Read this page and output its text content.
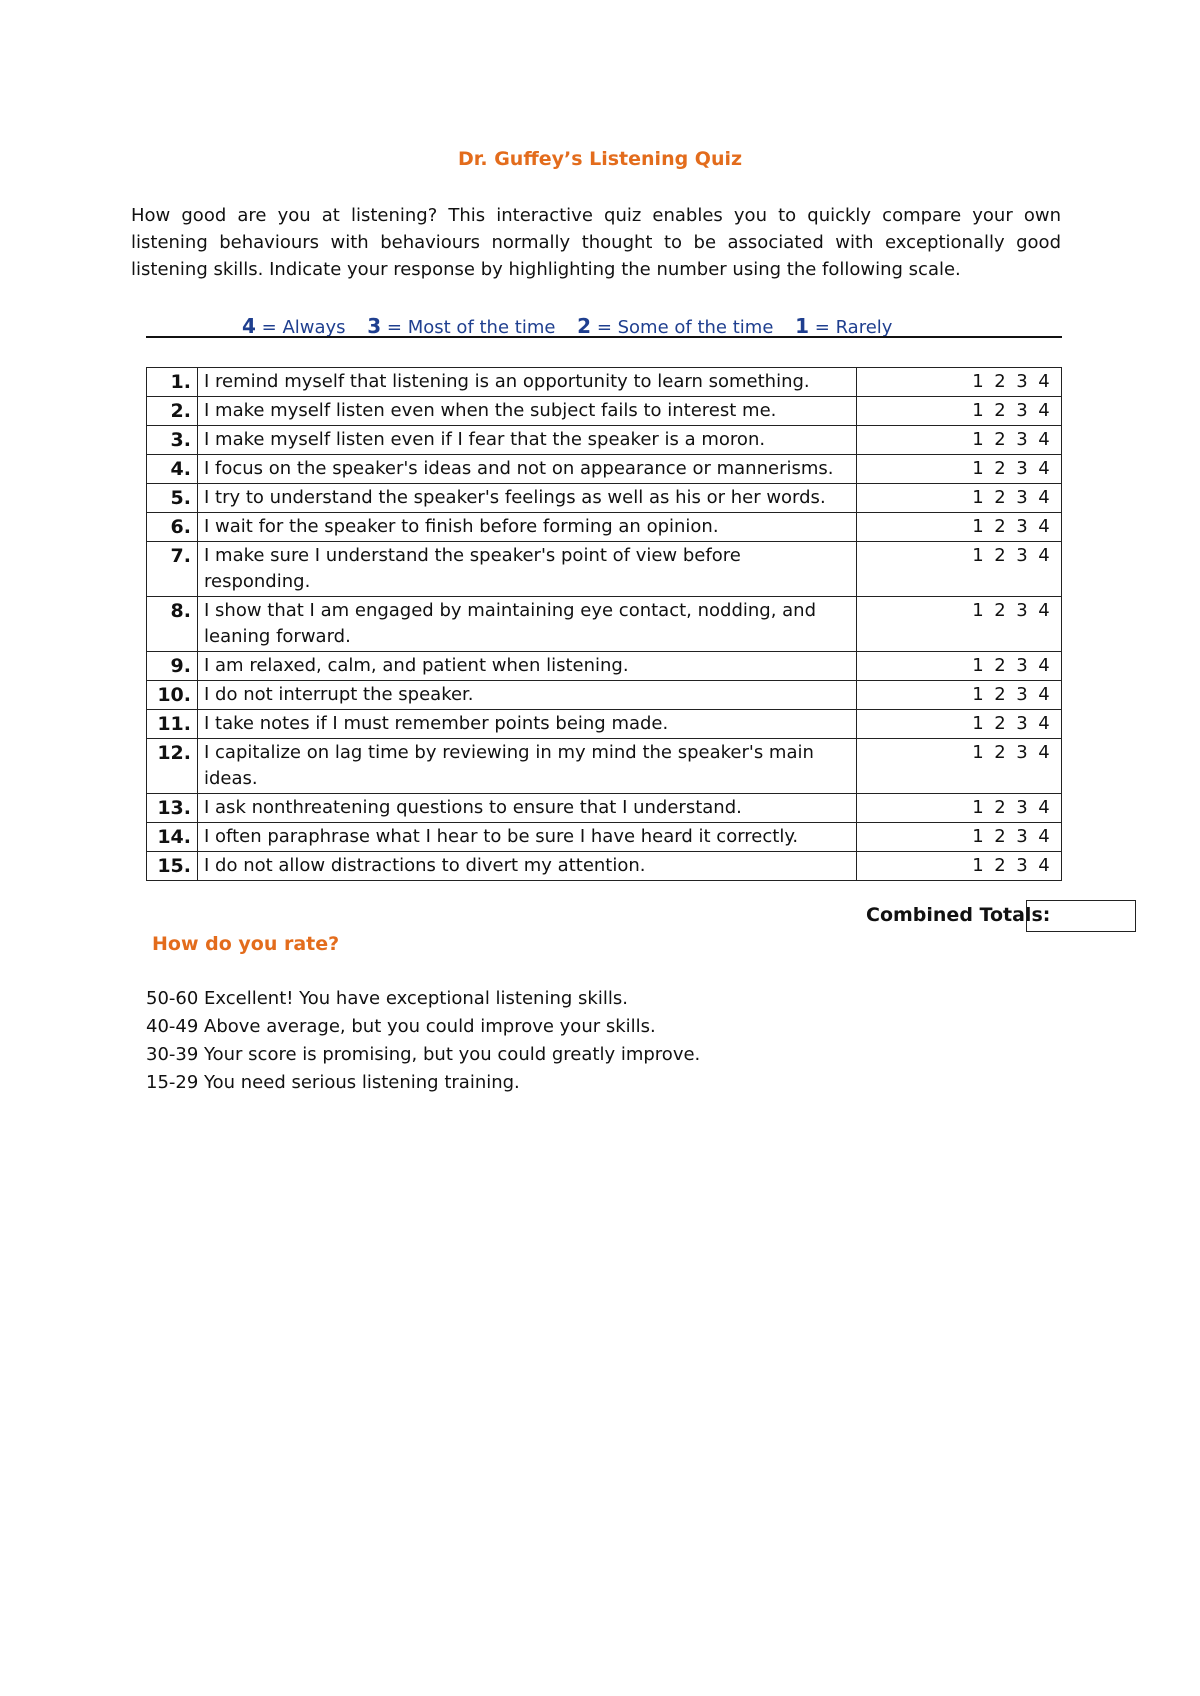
Dr. Guffey’s Listening Quiz
How good are you at listening? This interactive quiz enables you to quickly compare your own listening behaviours with behaviours normally thought to be associated with exceptionally good listening skills. Indicate your response by highlighting the number using the following scale.
4 = Always 3 = Most of the time 2 = Some of the time 1 = Rarely
1.	I remind myself that listening is an opportunity to learn something.	1 2 3 4
2.	I make myself listen even when the subject fails to interest me.	1 2 3 4
3.	I make myself listen even if I fear that the speaker is a moron.	1 2 3 4
4.	I focus on the speaker's ideas and not on appearance or mannerisms.	1 2 3 4
5.	I try to understand the speaker's feelings as well as his or her words.	1 2 3 4
6.	I wait for the speaker to finish before forming an opinion.	1 2 3 4
7.	I make sure I understand the speaker's point of view before responding.	1 2 3 4
8.	I show that I am engaged by maintaining eye contact, nodding, and leaning forward.	1 2 3 4
9.	I am relaxed, calm, and patient when listening.	1 2 3 4
10.	I do not interrupt the speaker.	1 2 3 4
11.	I take notes if I must remember points being made.	1 2 3 4
12.	I capitalize on lag time by reviewing in my mind the speaker's main ideas.	1 2 3 4
13.	I ask nonthreatening questions to ensure that I understand.	1 2 3 4
14.	I often paraphrase what I hear to be sure I have heard it correctly.	1 2 3 4
15.	I do not allow distractions to divert my attention.	1 2 3 4
Combined Totals:
How do you rate?
50-60 Excellent! You have exceptional listening skills.
40-49 Above average, but you could improve your skills.
30-39 Your score is promising, but you could greatly improve.
15-29 You need serious listening training.
